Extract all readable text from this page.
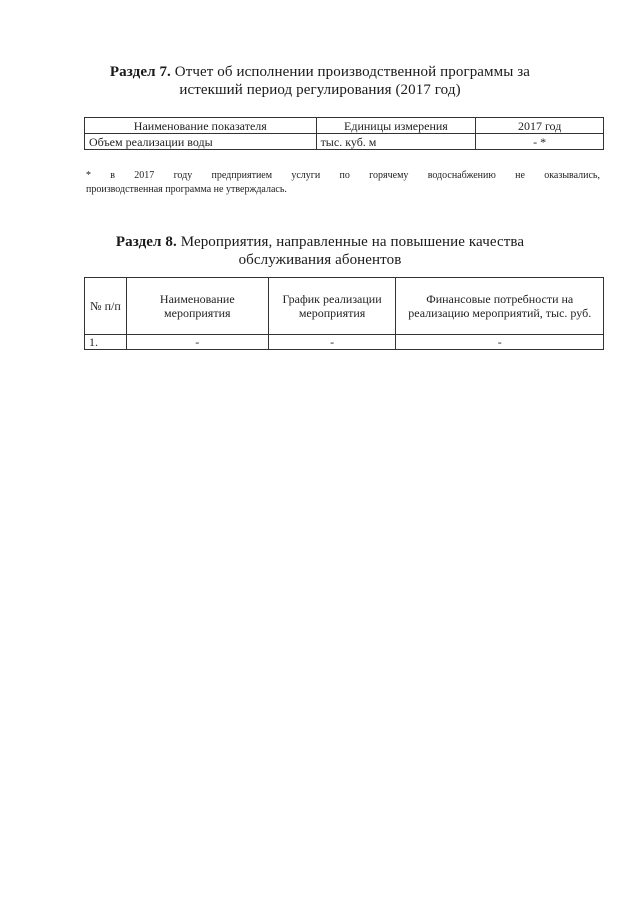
Раздел 7. Отчет об исполнении производственной программы за истекший период регулирования (2017 год)
Наименование показателя	Единицы измерения	2017 год
Объем реализации воды	тыс. куб. м	- *
* в 2017 году предприятием услуги по горячему водоснабжению не оказывались,
производственная программа не утверждалась.
Раздел 8. Мероприятия, направленные на повышение качества обслуживания абонентов
№ п/п	Наименование мероприятия	График реализации мероприятия	Финансовые потребности на реализацию мероприятий, тыс. руб.
1.	-	-	-
